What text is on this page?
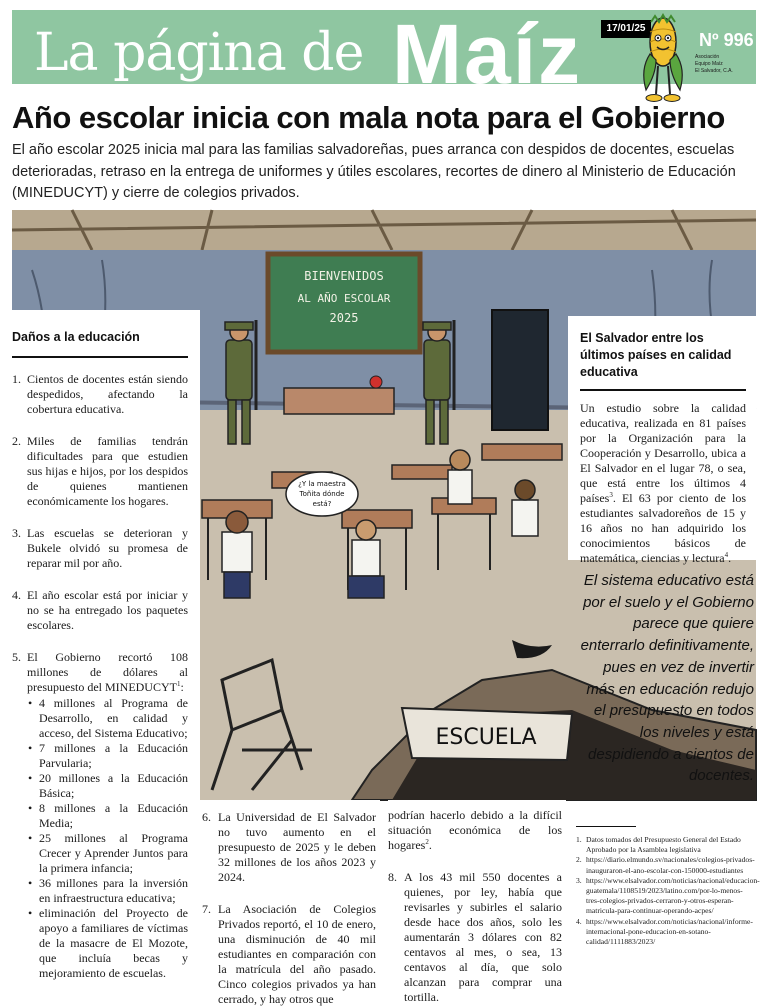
La página de Maíz	17/01/25
Nº 996
Asociación
Equipo Maíz
El Salvador, C.A.
Año escolar inicia con mala nota para el Gobierno

El año escolar 2025 inicia mal para las familias salvadoreñas, pues arranca con despidos de docentes, escuelas deterioradas, retraso en la entrega de uniformes y útiles escolares, recortes de dinero al Ministerio de Educación (MINEDUCYT) y cierre de colegios privados.

BIENVENIDOS
AL AÑO ESCOLAR
2025
¿Y la maestra
Toñita dónde
está?
ESCUELA
Daños a la educación
1. Cientos de docentes están siendo despedidos, afectando la cobertura educativa.
2. Miles de familias tendrán dificultades para que estudien sus hijas e hijos, por los despidos de quienes mantienen económicamente los hogares.
3. Las escuelas se deterioran y Bukele olvidó su promesa de reparar mil por año.
4. El año escolar está por iniciar y no se ha entregado los paquetes escolares.
5. El Gobierno recortó 108 millones de dólares al presupuesto del MINEDUCYT$^1$:
• 4 millones al Programa de Desarrollo, en calidad y acceso, del Sistema Educativo;
• 7 millones a la Educación Parvularia;
• 20 millones a la Educación Básica;
• 8 millones a la Educación Media;
• 25 millones al Programa Crecer y Aprender Juntos para la primera infancia;
• 36 millones para la inversión en infraestructura educativa;
• eliminación del Proyecto de apoyo a familiares de víctimas de la masacre de El Mozote, que incluía becas y mejoramiento de escuelas.
El Salvador entre los últimos países en calidad educativa

Un estudio sobre la calidad educativa, realizada en 81 países por la Organización para la Cooperación y Desarrollo, ubica a El Salvador en el lugar 78, o sea, que está entre los últimos 4 países$^3$. El 63 por ciento de los estudiantes salvadoreños de 15 y 16 años no han adquirido los conocimientos básicos de matemática, ciencias y lectura$^4$.

El sistema educativo está por el suelo y el Gobierno parece que quiere enterrarlo definitivamente, pues en vez de invertir más en educación redujo el presupuesto en todos los niveles y está despidiendo a cientos de docentes.

6. La Universidad de El Salvador no tuvo aumento en el presupuesto de 2025 y le deben 32 millones de los años 2023 y 2024.

7. La Asociación de Colegios Privados reportó, el 10 de enero, una disminución de 40 mil estudiantes en comparación con la matrícula del año pasado. Cinco colegios privados ya han cerrado, y hay otros que

podrían hacerlo debido a la difícil situación económica de los hogares$^2$.

8. A los 43 mil 550 docentes a quienes, por ley, había que revisarles y subirles el salario desde hace dos años, solo les aumentarán 3 dólares con 82 centavos al mes, o sea, 13 centavos al día, que solo alcanzan para comprar una tortilla.

1. Datos tomados del Presupuesto General del Estado Aprobado por la Asamblea legislativa
2. https://diario.elmundo.sv/nacionales/colegios-privados-inauguraron-el-ano-escolar-con-150000-estudiantes
3. https://www.elsalvador.com/noticias/nacional/educacion-guatemala/1108519/2023/latino.com/por-lo-menos-tres-colegios-privados-cerraron-y-otros-esperan-matricula-para-continuar-operando-acpes/
4. https://www.elsalvador.com/noticias/nacional/informe-internacional-pone-educacion-en-sotano-calidad/1111883/2023/
